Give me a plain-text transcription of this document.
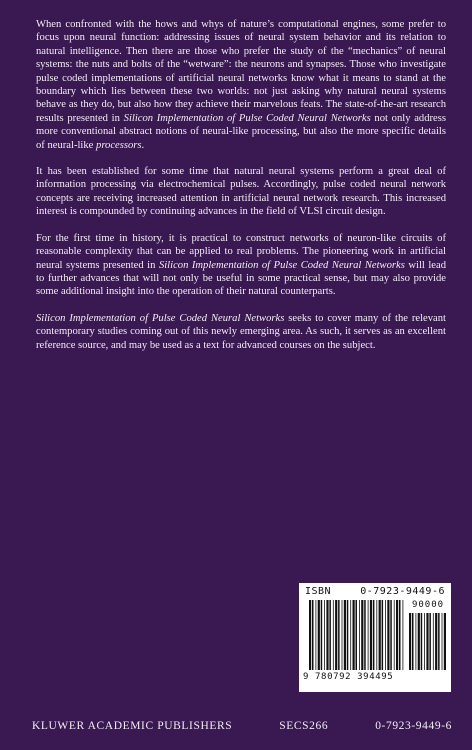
When confronted with the hows and whys of nature’s computational engines, some prefer to focus upon neural function: addressing issues of neural system behavior and its relation to natural intelligence. Then there are those who prefer the study of the “mechanics” of neural systems: the nuts and bolts of the “wetware”: the neurons and synapses. Those who investigate pulse coded implementations of artificial neural networks know what it means to stand at the boundary which lies between these two worlds: not just asking why natural neural systems behave as they do, but also how they achieve their marvelous feats. The state-of-the-art research results presented in Silicon Implementation of Pulse Coded Neural Networks not only address more conventional abstract notions of neural-like processing, but also the more specific details of neural-like processors.

It has been established for some time that natural neural systems perform a great deal of information processing via electrochemical pulses. Accordingly, pulse coded neural network concepts are receiving increased attention in artificial neural network research. This increased interest is compounded by continuing advances in the field of VLSI circuit design.

For the first time in history, it is practical to construct networks of neuron-like circuits of reasonable complexity that can be applied to real problems. The pioneering work in artificial neural systems presented in Silicon Implementation of Pulse Coded Neural Networks will lead to further advances that will not only be useful in some practical sense, but may also provide some additional insight into the operation of their natural counterparts.

Silicon Implementation of Pulse Coded Neural Networks seeks to cover many of the relevant contemporary studies coming out of this newly emerging area. As such, it serves as an excellent reference source, and may be used as a text for advanced courses on the subject.

ISBN	0-7923-9449-6
90000
9 780792 394495
KLUWER ACADEMIC PUBLISHERS	SECS266	0-7923-9449-6
